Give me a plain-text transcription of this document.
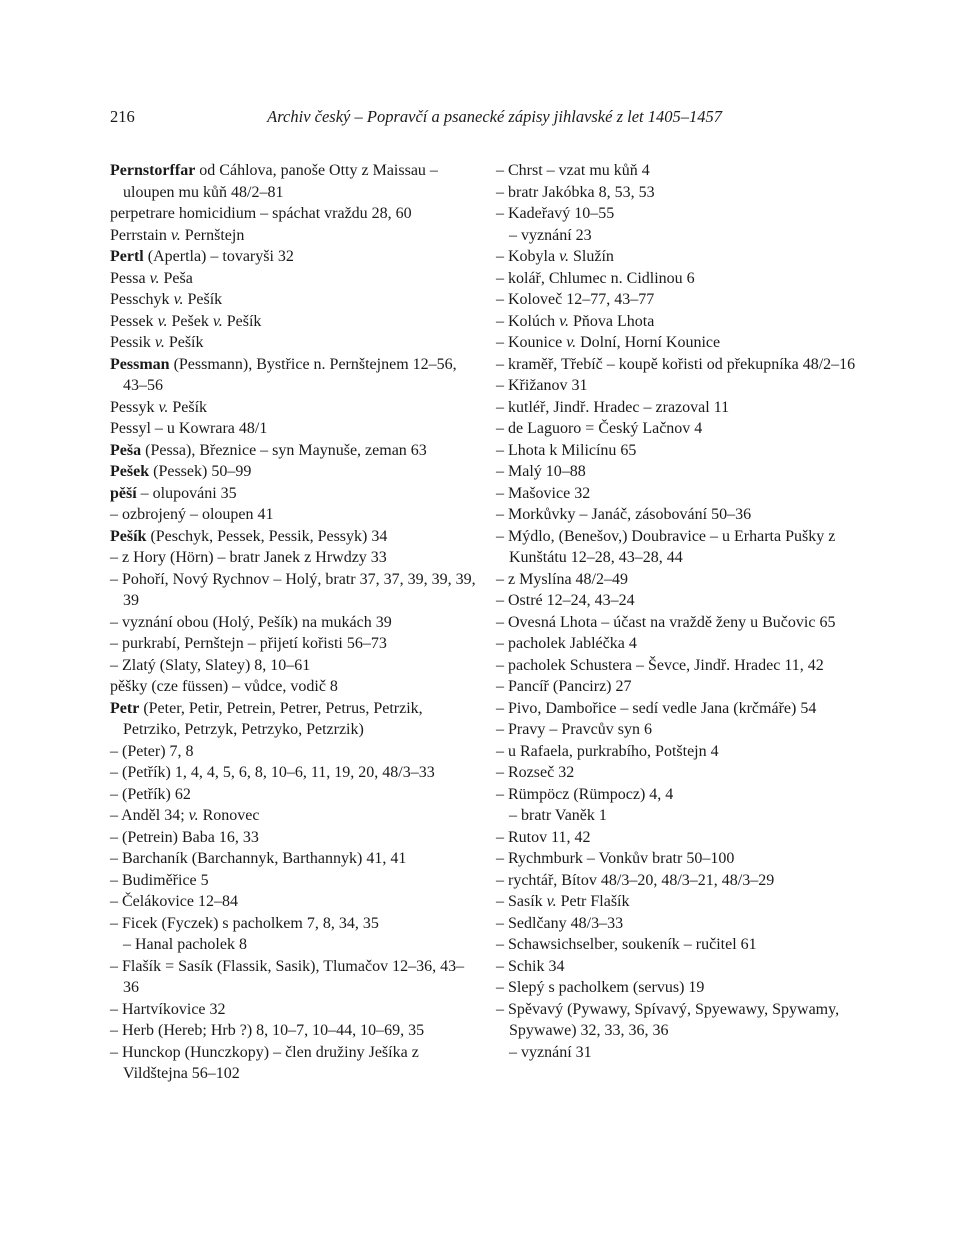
216	Archiv český – Popravčí a psanecké zápisy jihlavské z let 1405–1457

Pernstorffar od Cáhlova, panoše Otty z Maissau – uloupen mu kůň 48/2–81

perpetrare homicidium – spáchat vraždu 28, 60

Perrstain v. Pernštejn

Pertl (Apertla) – tovaryši 32

Pessa v. Peša

Pesschyk v. Pešík

Pessek v. Pešek v. Pešík

Pessik v. Pešík

Pessman (Pessmann), Bystřice n. Pernštejnem 12–56, 43–56

Pessyk v. Pešík

Pessyl – u Kowrara 48/1

Peša (Pessa), Březnice – syn Maynuše, zeman 63

Pešek (Pessek) 50–99

pěší – olupováni 35

– ozbrojený – oloupen 41

Pešík (Peschyk, Pessek, Pessik, Pessyk) 34

– z Hory (Hörn) – bratr Janek z Hrwdzy 33

– Pohoří, Nový Rychnov – Holý, bratr 37, 37, 39, 39, 39, 39

– vyznání obou (Holý, Pešík) na mukách 39

– purkrabí, Pernštejn – přijetí kořisti 56–73

– Zlatý (Slaty, Slatey) 8, 10–61

pěšky (cze füssen) – vůdce, vodič 8

Petr (Peter, Petir, Petrein, Petrer, Petrus, Petrzik, Petrziko, Petrzyk, Petrzyko, Petzrzik)

– (Peter) 7, 8

– (Petřík) 1, 4, 4, 5, 6, 8, 10–6, 11, 19, 20, 48/3–33

– (Petřík) 62

– Anděl 34; v. Ronovec

– (Petrein) Baba 16, 33

– Barchaník (Barchannyk, Barthannyk) 41, 41

– Budiměřice 5

– Čelákovice 12–84

– Ficek (Fyczek) s pacholkem 7, 8, 34, 35

– Hanal pacholek 8

– Flašík = Sasík (Flassik, Sasik), Tlumačov 12–36, 43–36

– Hartvíkovice 32

– Herb (Hereb; Hrb ?) 8, 10–7, 10–44, 10–69, 35

– Hunckop (Hunczkopy) – člen družiny Ješíka z Vildštejna 56–102

– Chrst – vzat mu kůň 4

– bratr Jakóbka 8, 53, 53

– Kadeřavý 10–55

– vyznání 23

– Kobyla v. Služín

– kolář, Chlumec n. Cidlinou 6

– Koloveč 12–77, 43–77

– Kolúch v. Pňova Lhota

– Kounice v. Dolní, Horní Kounice

– kraměř, Třebíč – koupě kořisti od překupníka 48/2–16

– Křižanov 31

– kutléř, Jindř. Hradec – zrazoval 11

– de Laguoro = Český Lačnov 4

– Lhota k Milicínu 65

– Malý 10–88

– Mašovice 32

– Morkůvky – Janáč, zásobování 50–36

– Mýdlo, (Benešov,) Doubravice – u Erharta Pušky z Kunštátu 12–28, 43–28, 44

– z Myslína 48/2–49

– Ostré 12–24, 43–24

– Ovesná Lhota – účast na vraždě ženy u Bučovic 65

– pacholek Jabléčka 4

– pacholek Schustera – Ševce, Jindř. Hradec 11, 42

– Pancíř (Pancirz) 27

– Pivo, Dambořice – sedí vedle Jana (krčmáře) 54

– Pravy – Pravcův syn 6

– u Rafaela, purkrabího, Potštejn 4

– Rozseč 32

– Rümpöcz (Rümpocz) 4, 4

– bratr Vaněk 1

– Rutov 11, 42

– Rychmburk – Vonkův bratr 50–100

– rychtář, Bítov 48/3–20, 48/3–21, 48/3–29

– Sasík v. Petr Flašík

– Sedlčany 48/3–33

– Schawsichselber, soukeník – ručitel 61

– Schik 34

– Slepý s pacholkem (servus) 19

– Spěvavý (Pywawy, Spívavý, Spyewawy, Spywamy, Spywawe) 32, 33, 36, 36

– vyznání 31
